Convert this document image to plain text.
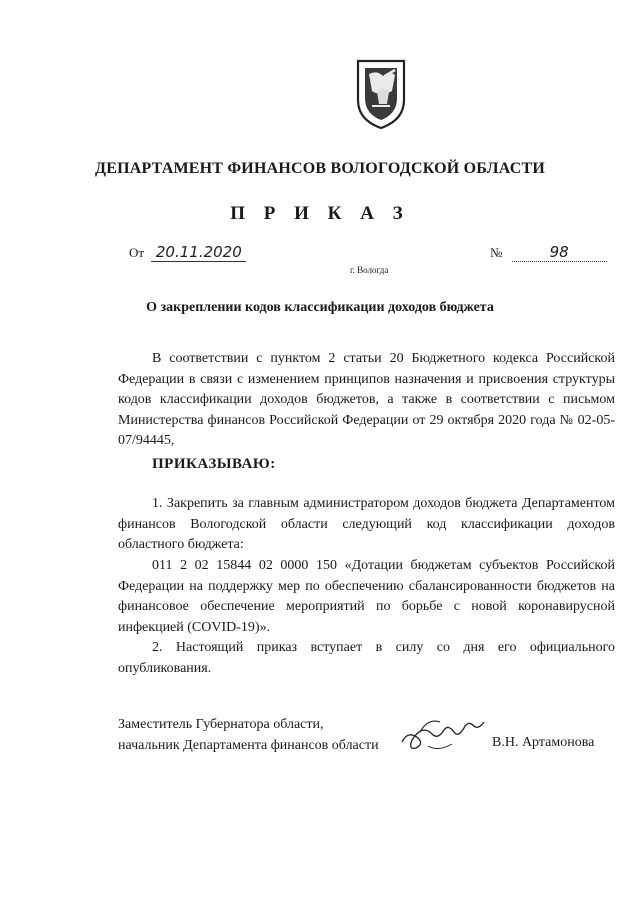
ДЕПАРТАМЕНТ ФИНАНСОВ ВОЛОГОДСКОЙ ОБЛАСТИ
П Р И К А З
От 20.11.2020	№	98
г. Вологда
О закреплении кодов классификации доходов бюджета
В соответствии с пунктом 2 статьи 20 Бюджетного кодекса Российской Федерации в связи с изменением принципов назначения и присвоения структуры кодов классификации доходов бюджетов, а также в соответствии с письмом Министерства финансов Российской Федерации от 29 октября 2020 года № 02-05-07/94445,
ПРИКАЗЫВАЮ:
1. Закрепить за главным администратором доходов бюджета Департаментом финансов Вологодской области следующий код классификации доходов областного бюджета:
011 2 02 15844 02 0000 150 «Дотации бюджетам субъектов Российской Федерации на поддержку мер по обеспечению сбалансированности бюджетов на финансовое обеспечение мероприятий по борьбе с новой коронавирусной инфекцией (COVID-19)».
2. Настоящий приказ вступает в силу со дня его официального опубликования.
Заместитель Губернатора области,
начальник Департамента финансов области	В.Н. Артамонова
